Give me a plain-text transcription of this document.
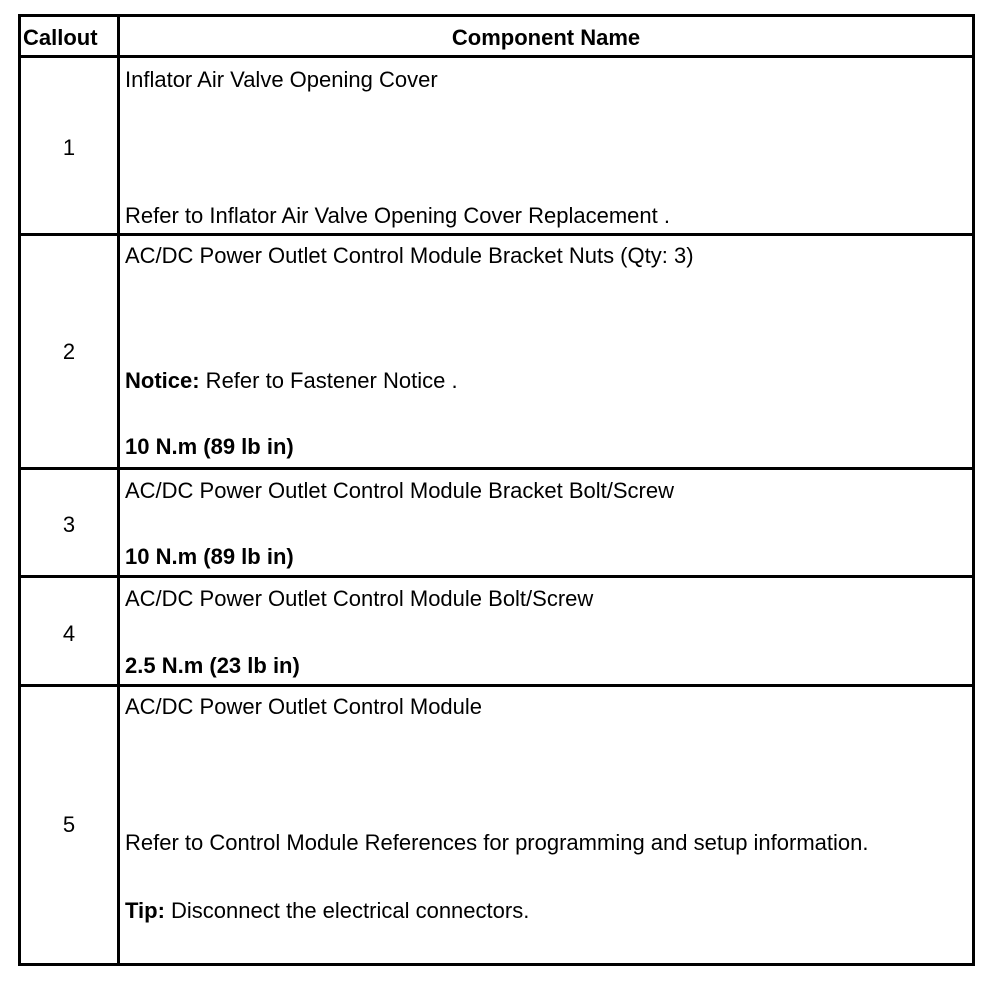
Callout	Component Name
1
Inflator Air Valve Opening Cover
Refer to Inflator Air Valve Opening Cover Replacement .
2
AC/DC Power Outlet Control Module Bracket Nuts (Qty: 3)
Notice: Refer to Fastener Notice .
10 N.m (89 lb in)
3
AC/DC Power Outlet Control Module Bracket Bolt/Screw
10 N.m (89 lb in)
4
AC/DC Power Outlet Control Module Bolt/Screw
2.5 N.m (23 lb in)
5
AC/DC Power Outlet Control Module
Refer to Control Module References for programming and setup information.
Tip: Disconnect the electrical connectors.
